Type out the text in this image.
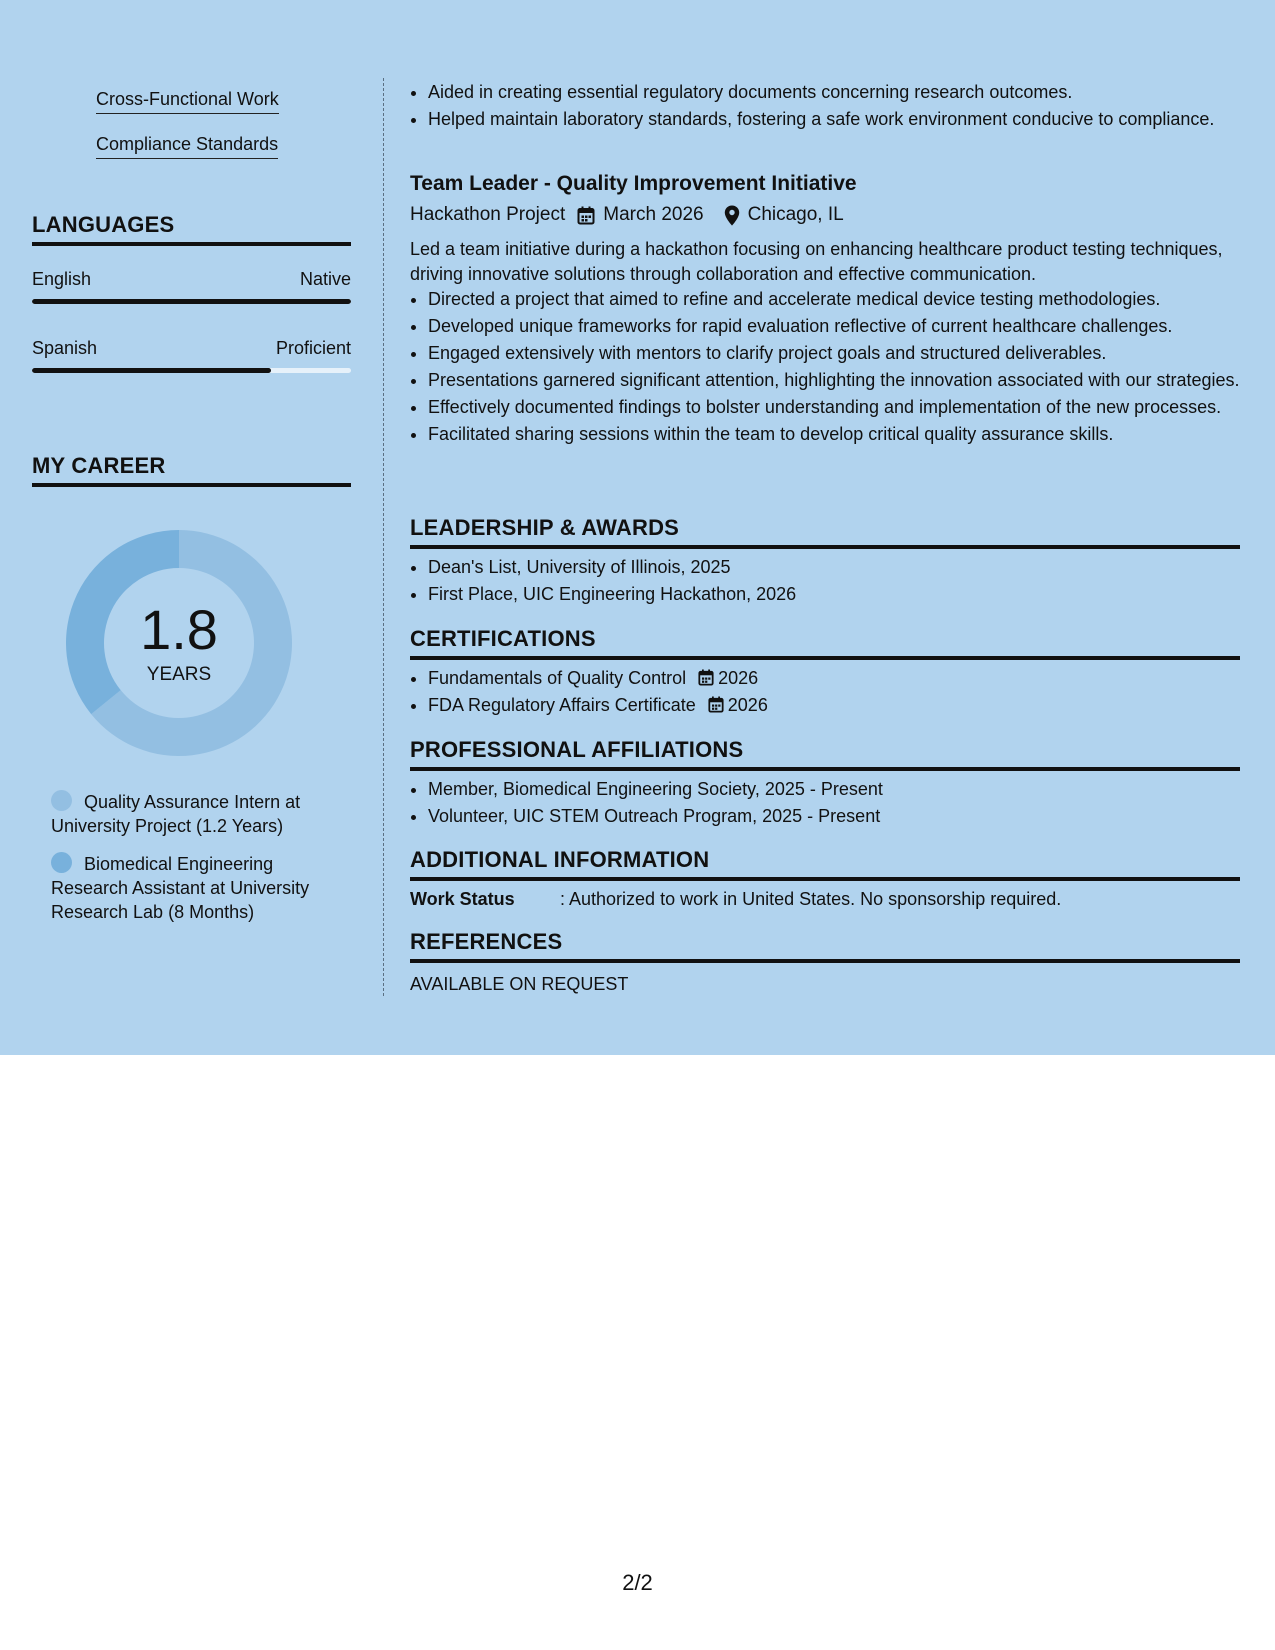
Cross-Functional Work
Compliance Standards
LANGUAGES
English	Native
Spanish	Proficient
MY CAREER
1.8
YEARS
Quality Assurance Intern at University Project (1.2 Years)
Biomedical Engineering Research Assistant at University Research Lab (8 Months)
• Aided in creating essential regulatory documents concerning research outcomes.
• Helped maintain laboratory standards, fostering a safe work environment conducive to compliance.
Team Leader - Quality Improvement Initiative
Hackathon Project March 2026 Chicago, IL
Led a team initiative during a hackathon focusing on enhancing healthcare product testing techniques, driving innovative solutions through collaboration and effective communication.
• Directed a project that aimed to refine and accelerate medical device testing methodologies.
• Developed unique frameworks for rapid evaluation reflective of current healthcare challenges.
• Engaged extensively with mentors to clarify project goals and structured deliverables.
• Presentations garnered significant attention, highlighting the innovation associated with our strategies.
• Effectively documented findings to bolster understanding and implementation of the new processes.
• Facilitated sharing sessions within the team to develop critical quality assurance skills.
LEADERSHIP & AWARDS
• Dean's List, University of Illinois, 2025
• First Place, UIC Engineering Hackathon, 2026
CERTIFICATIONS
• Fundamentals of Quality Control 2026
• FDA Regulatory Affairs Certificate 2026
PROFESSIONAL AFFILIATIONS
• Member, Biomedical Engineering Society, 2025 - Present
• Volunteer, UIC STEM Outreach Program, 2025 - Present
ADDITIONAL INFORMATION
Work Status	: Authorized to work in United States. No sponsorship required.
REFERENCES
AVAILABLE ON REQUEST
2/2
